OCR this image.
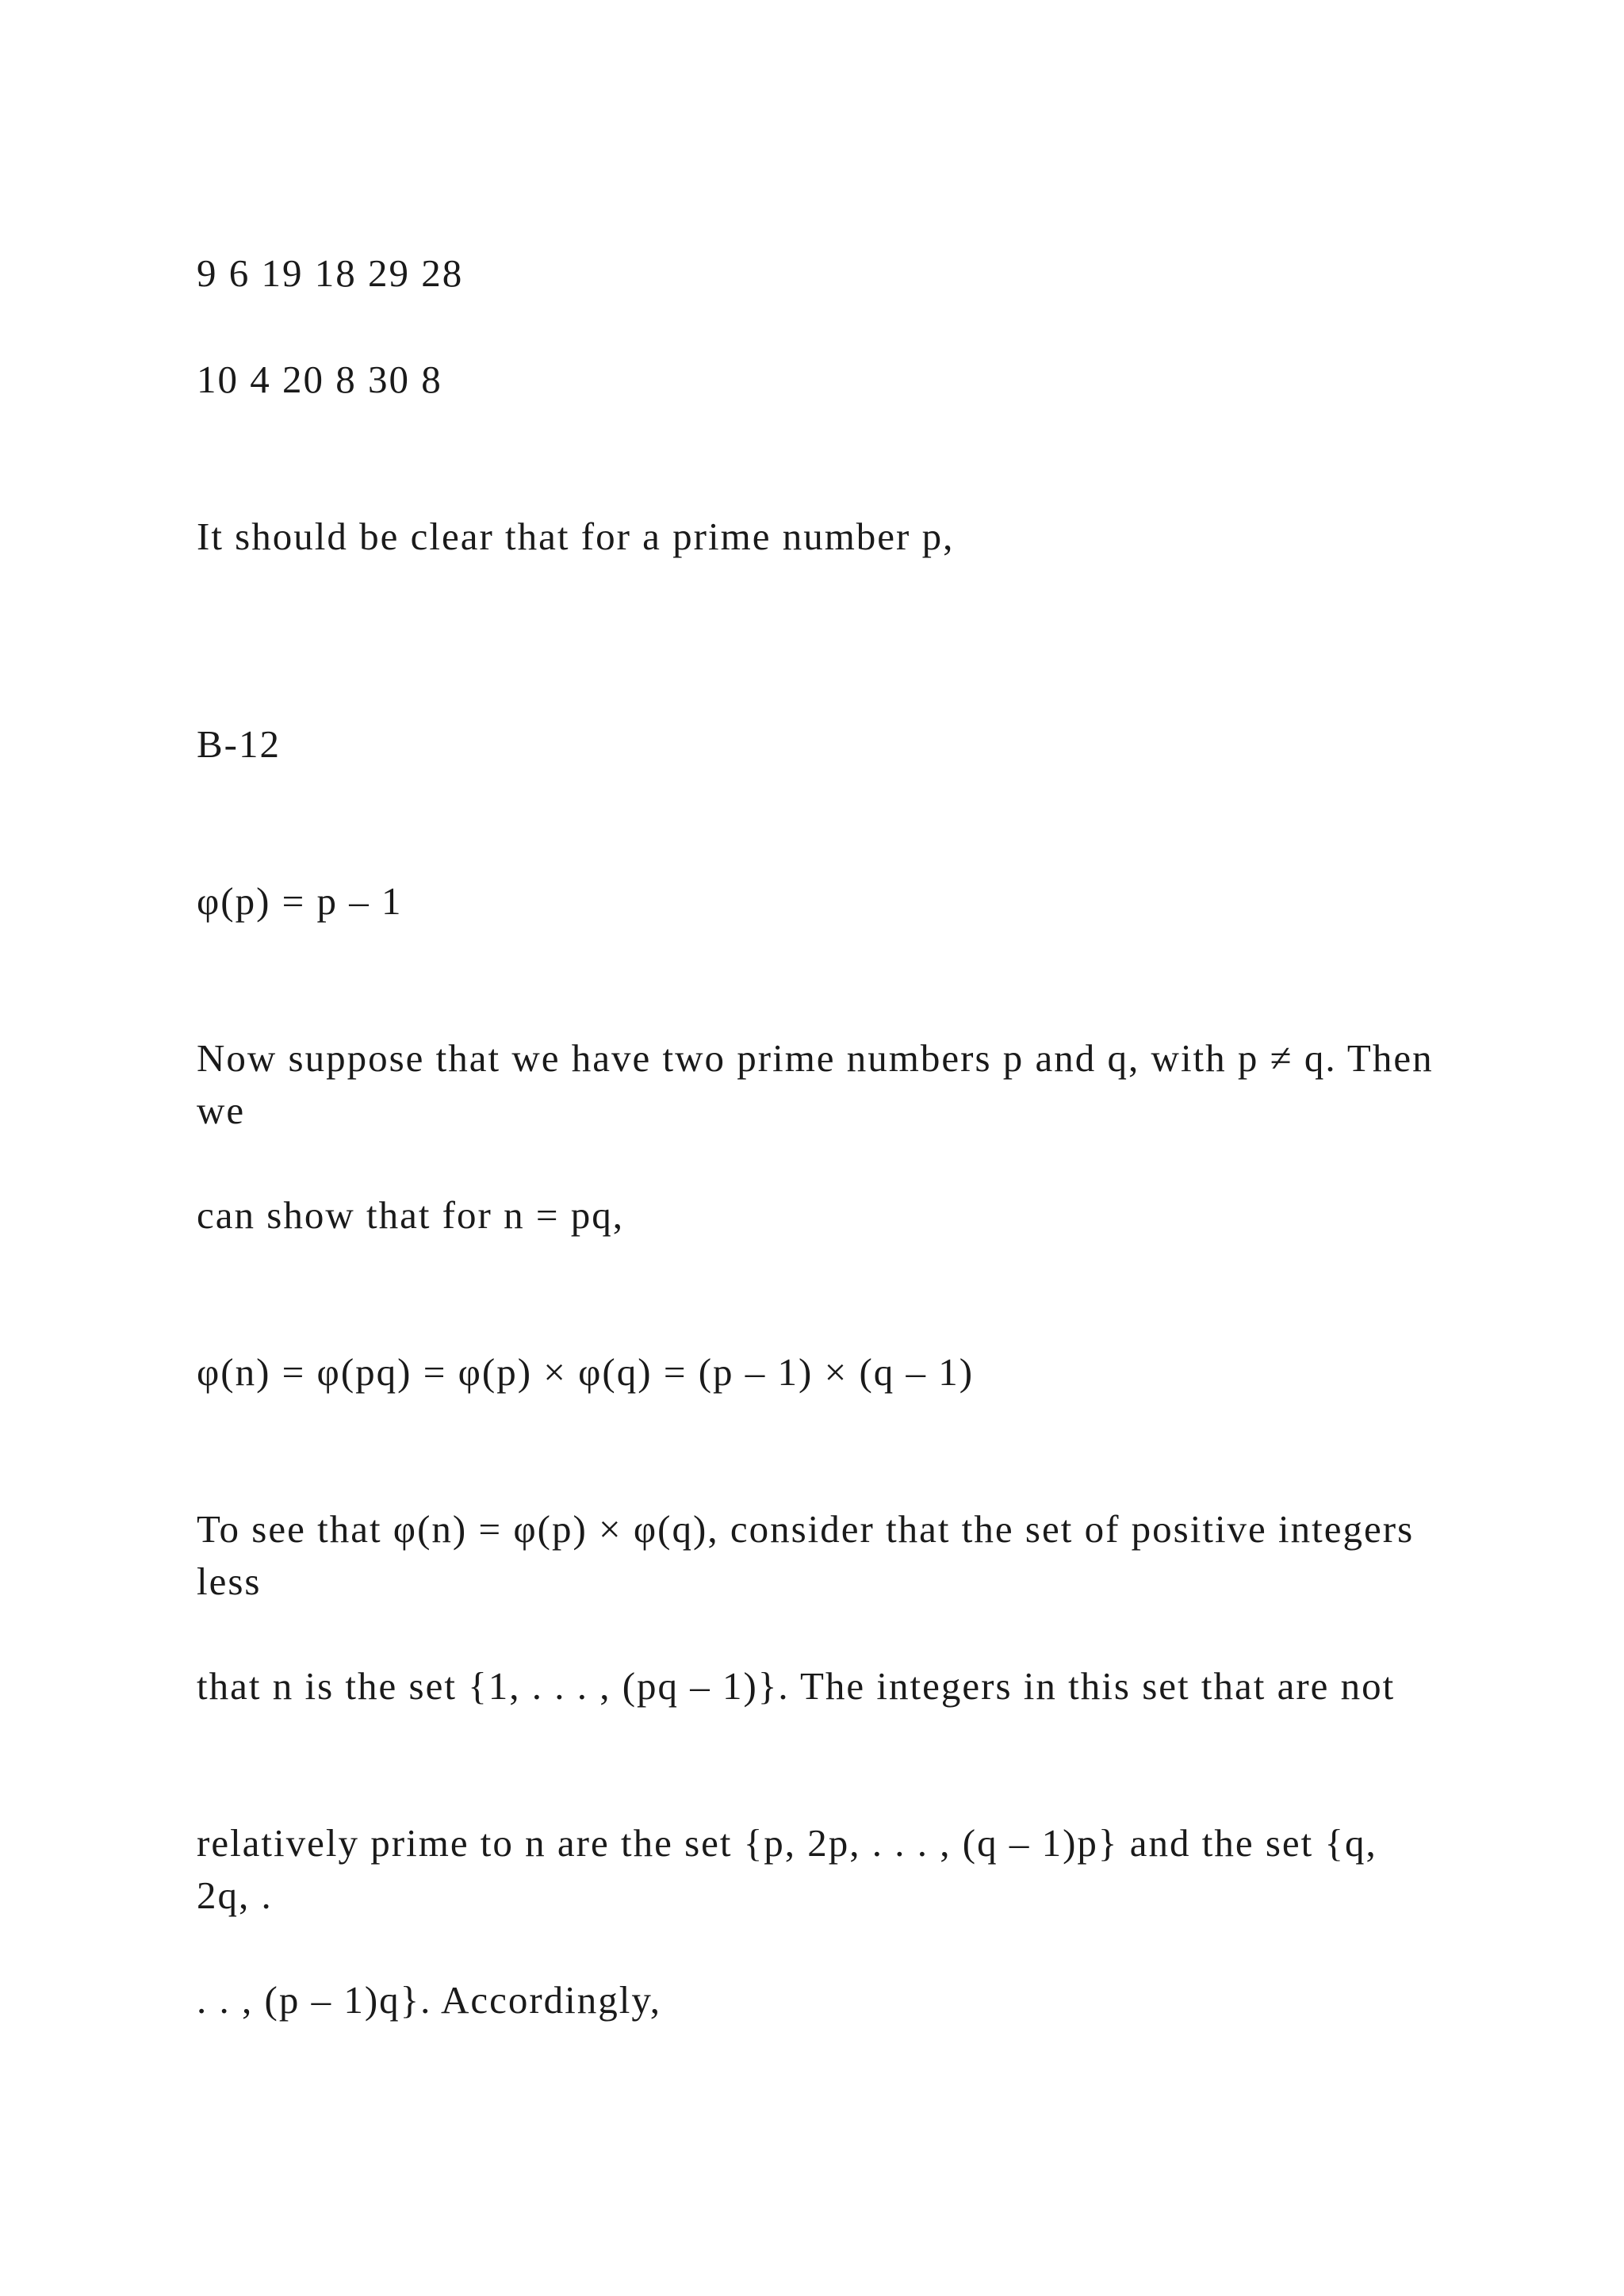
9 6 19 18 29 28

10 4 20 8 30 8

It should be clear that for a prime number p,

B-12

φ(p) = p – 1

Now suppose that we have two prime numbers p and q, with p ≠ q. Then we

can show that for n = pq,

φ(n) = φ(pq) = φ(p) × φ(q) = (p – 1) × (q – 1)

To see that φ(n) = φ(p) × φ(q), consider that the set of positive integers less

that n is the set {1, . . . , (pq – 1)}. The integers in this set that are not

relatively prime to n are the set {p, 2p, . . . , (q – 1)p} and the set {q, 2q, .

. . , (p – 1)q}. Accordingly,
